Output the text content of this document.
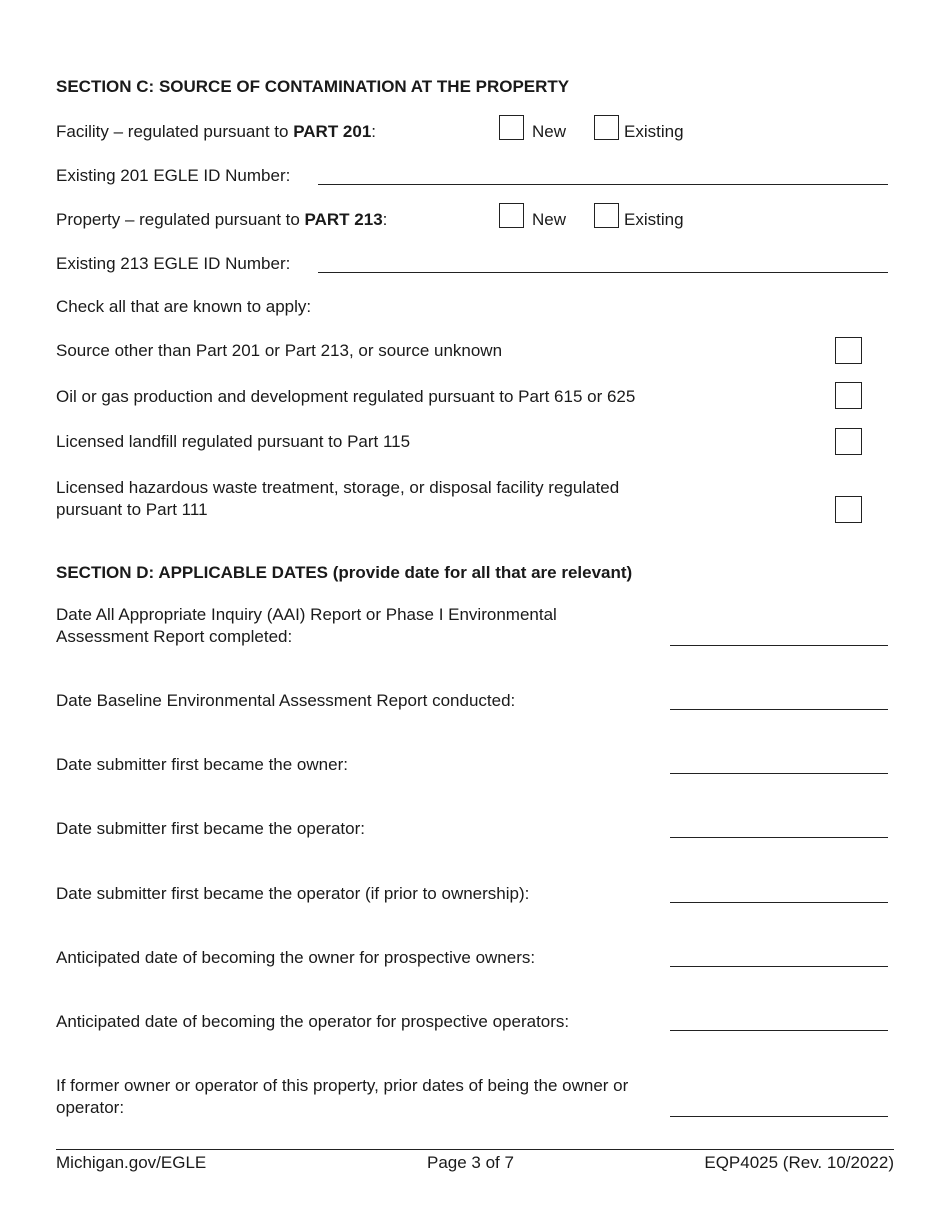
SECTION C: SOURCE OF CONTAMINATION AT THE PROPERTY
Facility – regulated pursuant to PART 201:	New	Existing
Existing 201 EGLE ID Number:
Property – regulated pursuant to PART 213:	New	Existing
Existing 213 EGLE ID Number:
Check all that are known to apply:
Source other than Part 201 or Part 213, or source unknown
Oil or gas production and development regulated pursuant to Part 615 or 625
Licensed landfill regulated pursuant to Part 115
Licensed hazardous waste treatment, storage, or disposal facility regulated pursuant to Part 111
SECTION D: APPLICABLE DATES (provide date for all that are relevant)
Date All Appropriate Inquiry (AAI) Report or Phase I Environmental Assessment Report completed:
Date Baseline Environmental Assessment Report conducted:
Date submitter first became the owner:
Date submitter first became the operator:
Date submitter first became the operator (if prior to ownership):
Anticipated date of becoming the owner for prospective owners:
Anticipated date of becoming the operator for prospective operators:
If former owner or operator of this property, prior dates of being the owner or operator:
Michigan.gov/EGLE	Page 3 of 7	EQP4025 (Rev. 10/2022)
